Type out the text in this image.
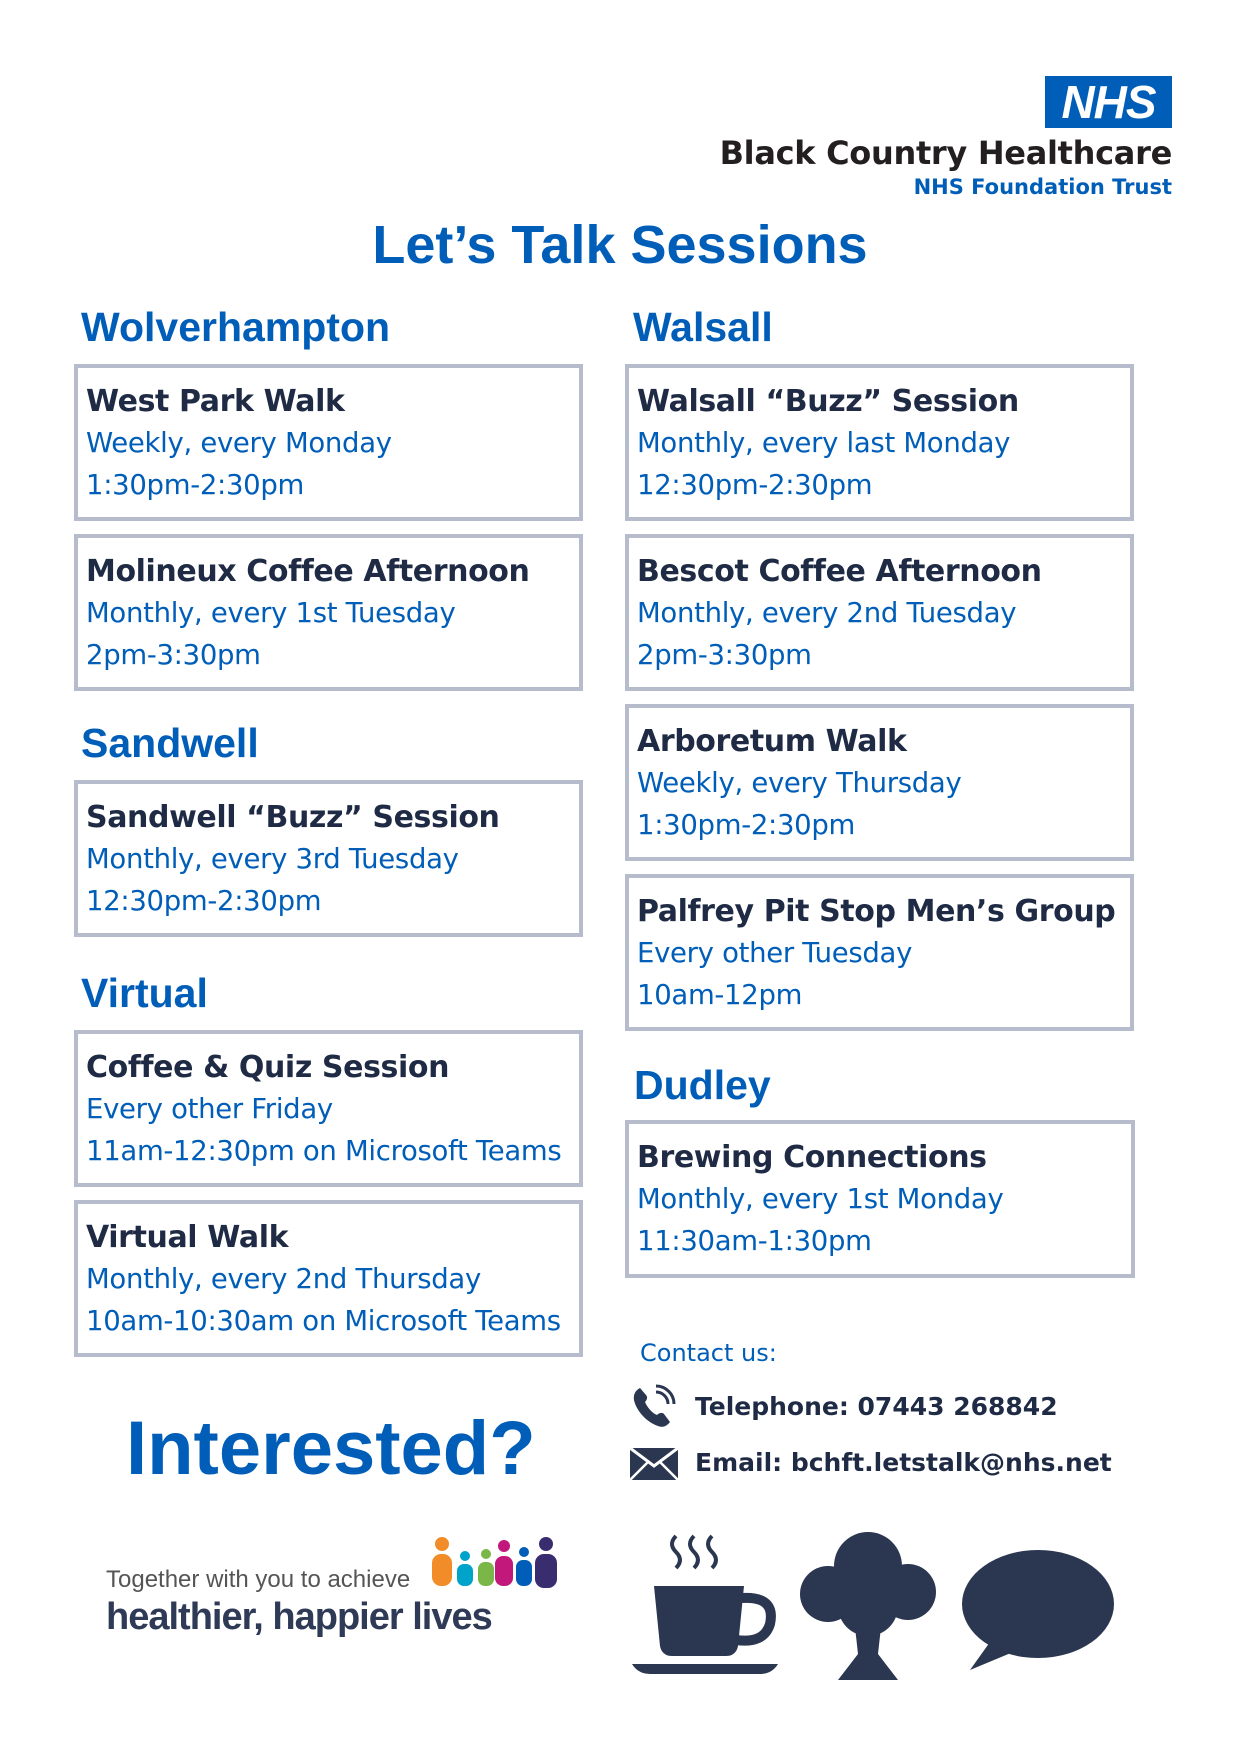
NHS
Black Country Healthcare
NHS Foundation Trust
Let’s Talk Sessions
Wolverhampton
West Park Walk
Weekly, every Monday
1:30pm-2:30pm
Molineux Coffee Afternoon
Monthly, every 1st Tuesday
2pm-3:30pm
Sandwell
Sandwell “Buzz” Session
Monthly, every 3rd Tuesday
12:30pm-2:30pm
Virtual
Coffee & Quiz Session
Every other Friday
11am-12:30pm on Microsoft Teams
Virtual Walk
Monthly, every 2nd Thursday
10am-10:30am on Microsoft Teams
Walsall
Walsall “Buzz” Session
Monthly, every last Monday
12:30pm-2:30pm
Bescot Coffee Afternoon
Monthly, every 2nd Tuesday
2pm-3:30pm
Arboretum Walk
Weekly, every Thursday
1:30pm-2:30pm
Palfrey Pit Stop Men’s Group
Every other Tuesday
10am-12pm
Dudley
Brewing Connections
Monthly, every 1st Monday
11:30am-1:30pm
Interested?
Contact us:
Telephone: 07443 268842
Email: bchft.letstalk@nhs.net
Together with you to achieve
healthier, happier lives
